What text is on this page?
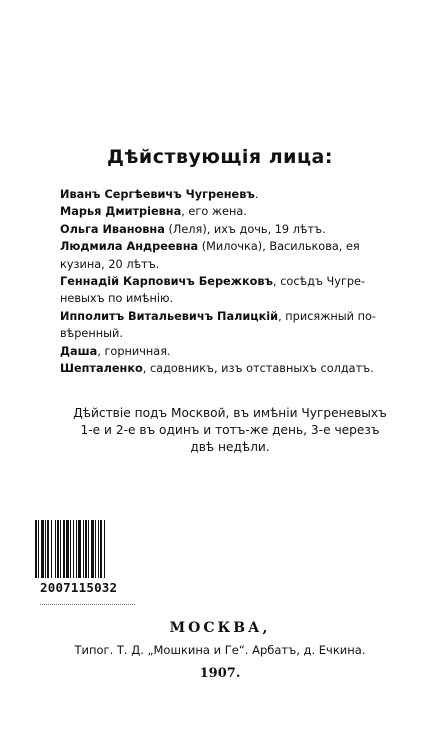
Дѣйствующія лица:
Иванъ Сергѣевичъ Чугреневъ.
Марья Дмитріевна, его жена.
Ольга Ивановна (Леля), ихъ дочь, 19 лѣтъ.
Людмила Андреевна (Милочка), Василькова, ея
кузина, 20 лѣтъ.
Геннадій Карповичъ Бережковъ, сосѣдъ Чугре-
невыхъ по имѣнію.
Ипполитъ Витальевичъ Палицкій, присяжный по-
вѣренный.
Даша, горничная.
Шепталенко, садовникъ, изъ отставныхъ солдатъ.
Дѣйствіе подъ Москвой, въ имѣніи Чугреневыхъ
1-е и 2-е въ одинъ и тотъ-же день, 3-е черезъ
двѣ недѣли.
2007115032
МОСКВА,
Типог. Т. Д. „Мошкина и Ге“. Арбатъ, д. Ечкина.
1907.
